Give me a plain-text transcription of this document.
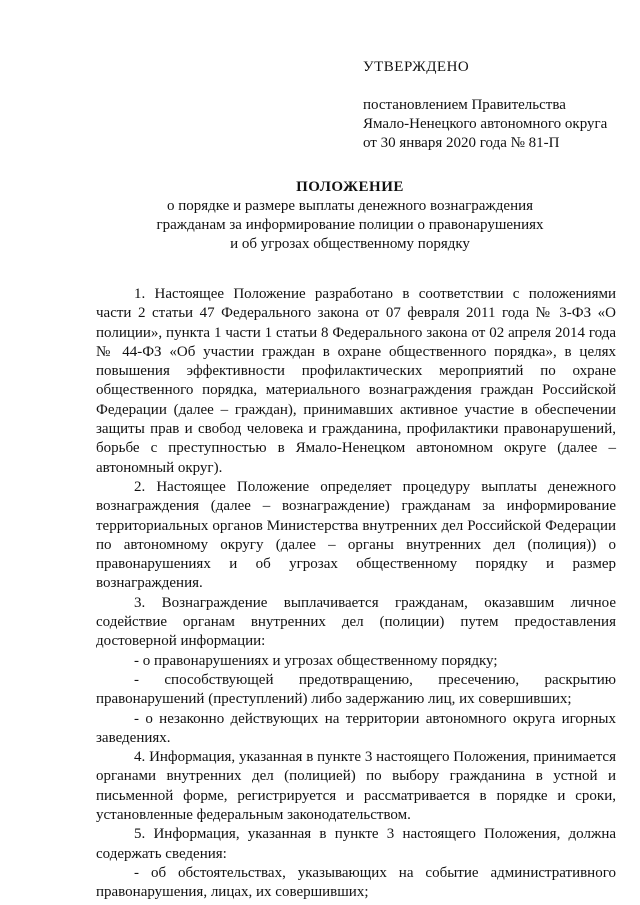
УТВЕРЖДЕНО
постановлением Правительства
Ямало-Ненецкого автономного округа
от 30 января 2020 года № 81-П
ПОЛОЖЕНИЕ
о порядке и размере выплаты денежного вознаграждения
гражданам за информирование полиции о правонарушениях
и об угрозах общественному порядку

1. Настоящее Положение разработано в соответствии с положениями части 2 статьи 47 Федерального закона от 07 февраля 2011 года № 3-ФЗ «О полиции», пункта 1 части 1 статьи 8 Федерального закона от 02 апреля 2014 года № 44-ФЗ «Об участии граждан в охране общественного порядка», в целях повышения эффективности профилактических мероприятий по охране общественного порядка, материального вознаграждения граждан Российской Федерации (далее – граждан), принимавших активное участие в обеспечении защиты прав и свобод человека и гражданина, профилактики правонарушений, борьбе с преступностью в Ямало-Ненецком автономном округе (далее – автономный округ).

2. Настоящее Положение определяет процедуру выплаты денежного вознаграждения (далее – вознаграждение) гражданам за информирование территориальных органов Министерства внутренних дел Российской Федерации по автономному округу (далее – органы внутренних дел (полиция)) о правонарушениях и об угрозах общественному порядку и размер вознаграждения.

3. Вознаграждение выплачивается гражданам, оказавшим личное содействие органам внутренних дел (полиции) путем предоставления достоверной информации:

- о правонарушениях и угрозах общественному порядку;

- способствующей предотвращению, пресечению, раскрытию правонарушений (преступлений) либо задержанию лиц, их совершивших;

- о незаконно действующих на территории автономного округа игорных заведениях.

4. Информация, указанная в пункте 3 настоящего Положения, принимается органами внутренних дел (полицией) по выбору гражданина в устной и письменной форме, регистрируется и рассматривается в порядке и сроки, установленные федеральным законодательством.

5. Информация, указанная в пункте 3 настоящего Положения, должна содержать сведения:

- об обстоятельствах, указывающих на событие административного правонарушения, лицах, их совершивших;
